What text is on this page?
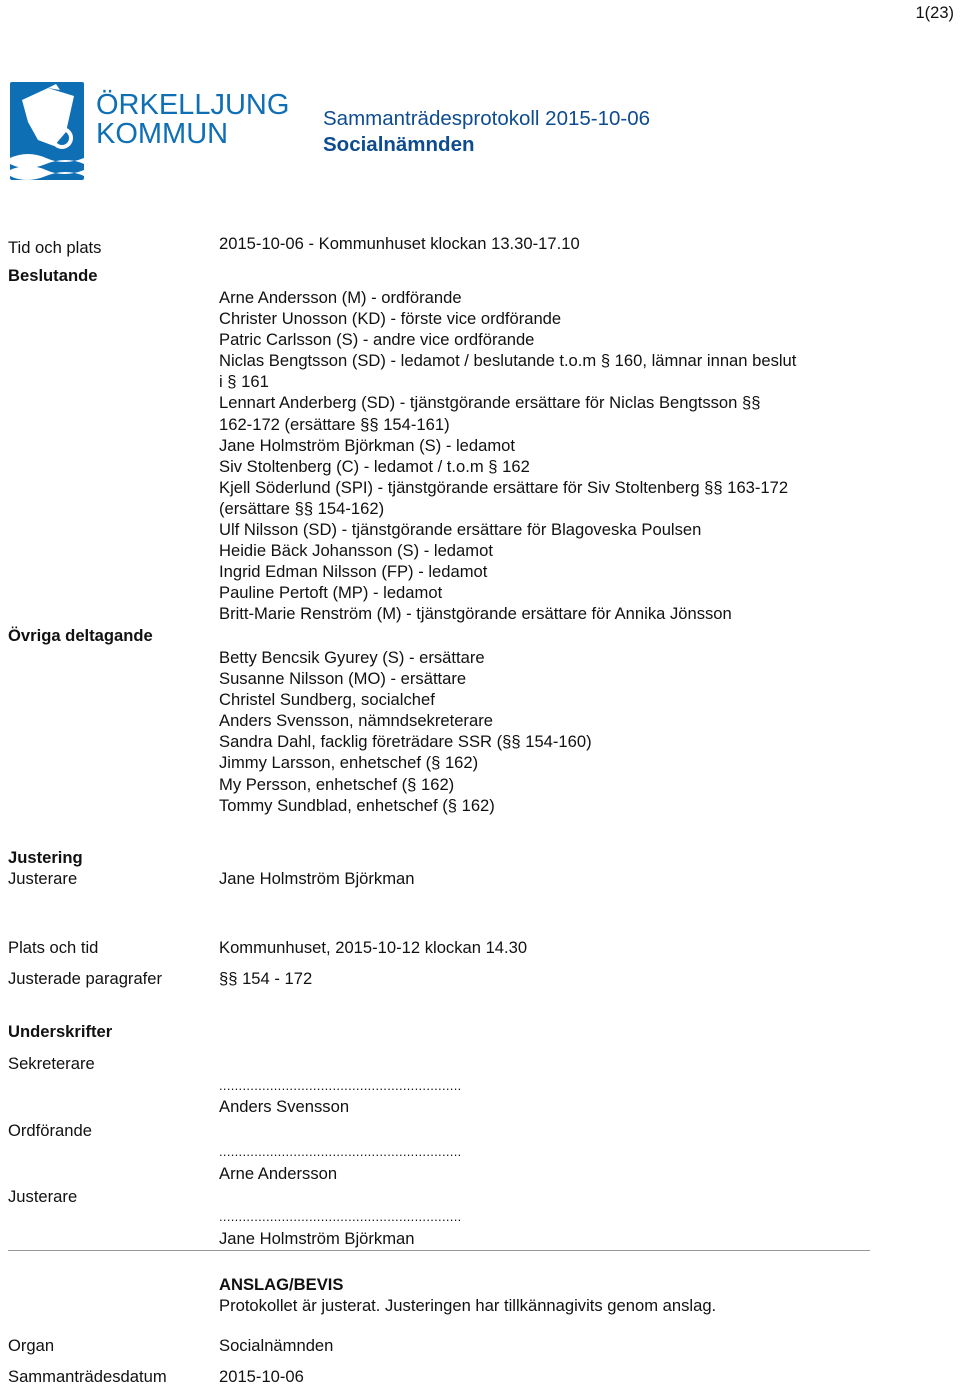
1(23)
ÖRKELLJUNGA
KOMMUN	Sammanträdesprotokoll 2015-10-06
Socialnämnden
Tid och plats	2015-10-06 - Kommunhuset klockan 13.30-17.10
Beslutande
Arne Andersson (M) - ordförande
Christer Unosson (KD) - förste vice ordförande
Patric Carlsson (S) - andre vice ordförande
Niclas Bengtsson (SD) - ledamot / beslutande t.o.m § 160, lämnar innan beslut
i § 161
Lennart Anderberg (SD) - tjänstgörande ersättare för Niclas Bengtsson §§
162-172 (ersättare §§ 154-161)
Jane Holmström Björkman (S) - ledamot
Siv Stoltenberg (C) - ledamot / t.o.m § 162
Kjell Söderlund (SPI) - tjänstgörande ersättare för Siv Stoltenberg §§ 163-172
(ersättare §§ 154-162)
Ulf Nilsson (SD) - tjänstgörande ersättare för Blagoveska Poulsen
Heidie Bäck Johansson (S) - ledamot
Ingrid Edman Nilsson (FP) - ledamot
Pauline Pertoft (MP) - ledamot
Britt-Marie Renström (M) - tjänstgörande ersättare för Annika Jönsson
Övriga deltagande
Betty Bencsik Gyurey (S) - ersättare
Susanne Nilsson (MO) - ersättare
Christel Sundberg, socialchef
Anders Svensson, nämndsekreterare
Sandra Dahl, facklig företrädare SSR (§§ 154-160)
Jimmy Larsson, enhetschef (§ 162)
My Persson, enhetschef (§ 162)
Tommy Sundblad, enhetschef (§ 162)
Justering
Justerare	Jane Holmström Björkman
Plats och tid	Kommunhuset, 2015-10-12 klockan 14.30
Justerade paragrafer	§§ 154 - 172
Underskrifter
Sekreterare
..............................................................
Anders Svensson
Ordförande
..............................................................
Arne Andersson
Justerare
..............................................................
Jane Holmström Björkman
ANSLAG/BEVIS
Protokollet är justerat. Justeringen har tillkännagivits genom anslag.
Organ	Socialnämnden
Sammanträdesdatum	2015-10-06
